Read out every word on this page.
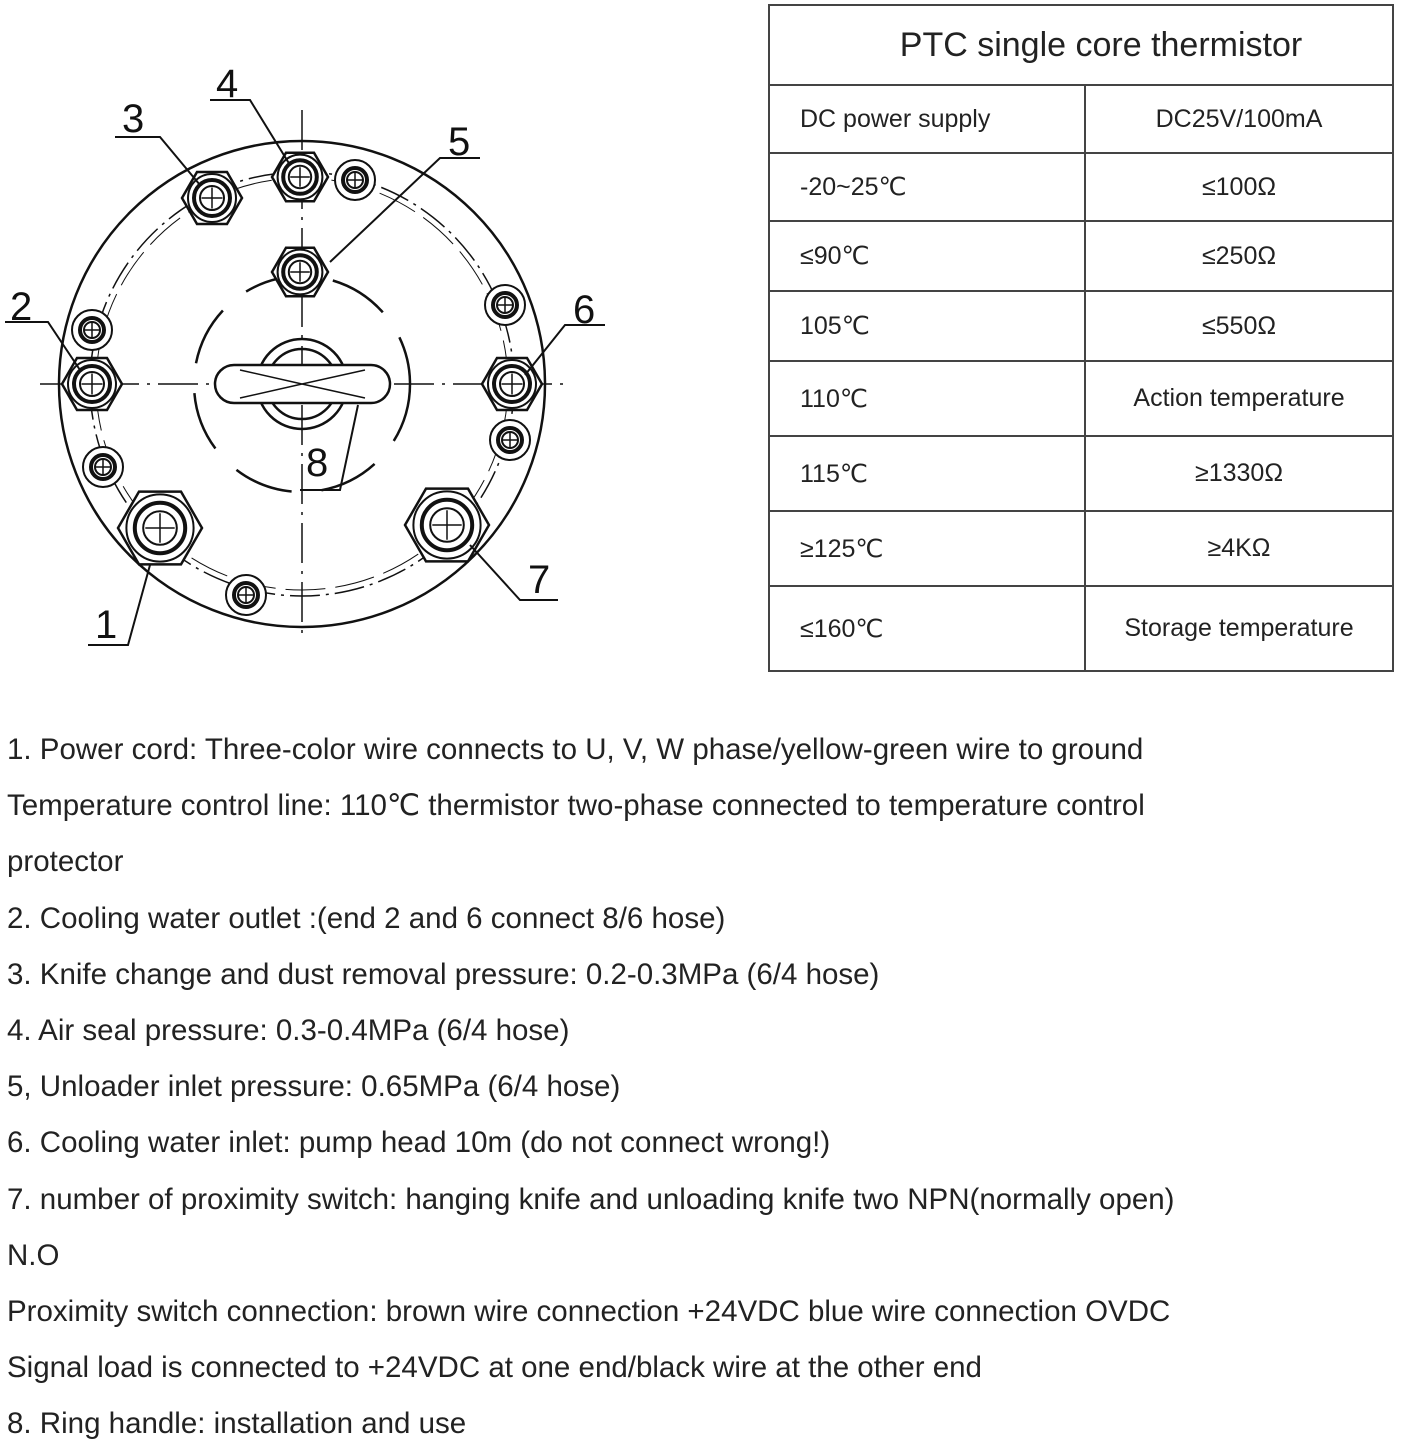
1
2
3
4
5
6
7
8
PTC single core thermistor	
DC power supply	DC25V/100mA
-20~25℃	≤100Ω
≤90℃	≤250Ω
105℃	≤550Ω
110℃	Action temperature
115℃	≥1330Ω
≥125℃	≥4KΩ
≤160℃	Storage temperature
1. Power cord: Three-color wire connects to U, V, W phase/yellow-green wire to ground
Temperature control line: 110℃ thermistor two-phase connected to temperature control
protector
2. Cooling water outlet :(end 2 and 6 connect 8/6 hose)
3. Knife change and dust removal pressure: 0.2-0.3MPa (6/4 hose)
4. Air seal pressure: 0.3-0.4MPa (6/4 hose)
5, Unloader inlet pressure: 0.65MPa (6/4 hose)
6. Cooling water inlet: pump head 10m (do not connect wrong!)
7. number of proximity switch: hanging knife and unloading knife two NPN(normally open)
N.O
Proximity switch connection: brown wire connection +24VDC blue wire connection OVDC
Signal load is connected to +24VDC at one end/black wire at the other end
8. Ring handle: installation and use
